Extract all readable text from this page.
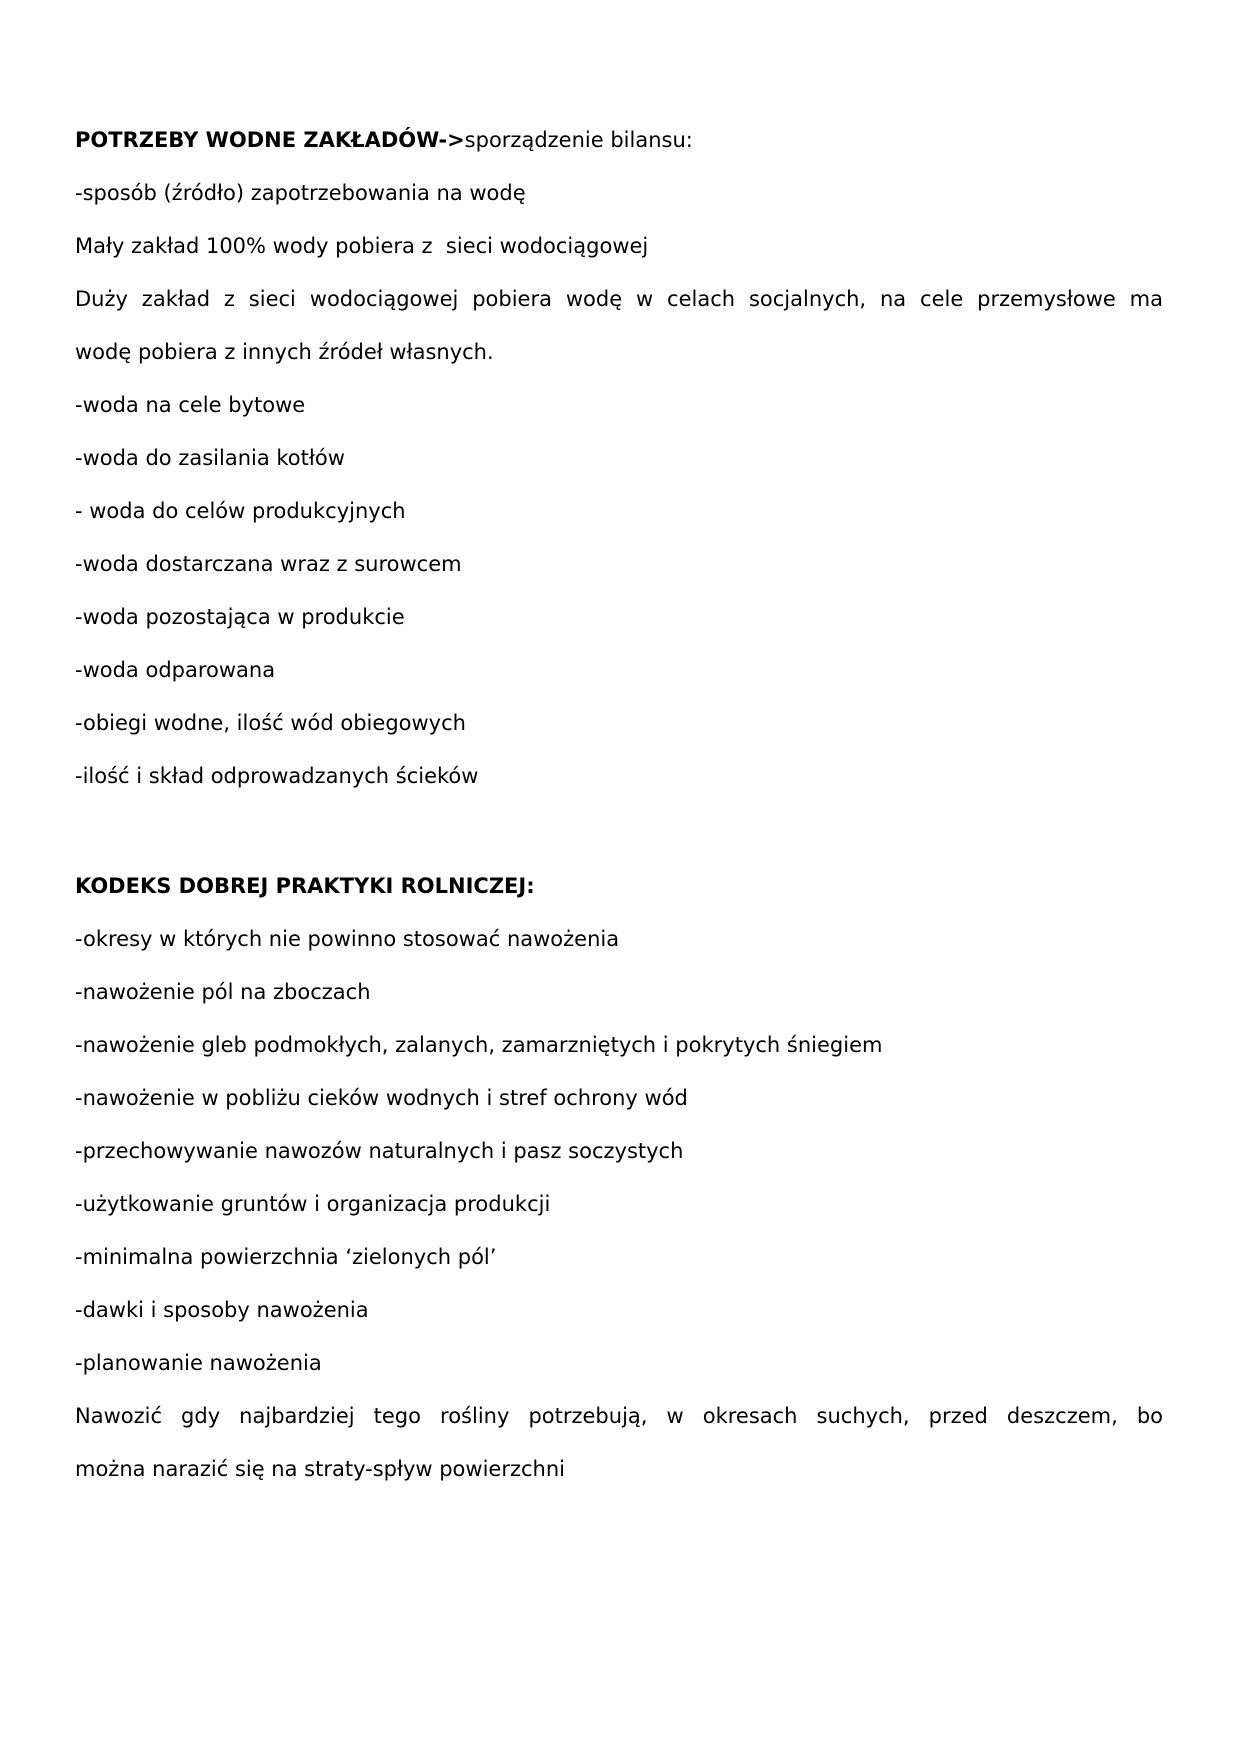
POTRZEBY WODNE ZAKŁADÓW->sporządzenie bilansu:
-sposób (źródło) zapotrzebowania na wodę
Mały zakład 100% wody pobiera z  sieci wodociągowej
Duży zakład z sieci wodociągowej pobiera wodę w celach socjalnych, na cele przemysłowe ma
wodę pobiera z innych źródeł własnych.
-woda na cele bytowe
-woda do zasilania kotłów
- woda do celów produkcyjnych
-woda dostarczana wraz z surowcem
-woda pozostająca w produkcie
-woda odparowana
-obiegi wodne, ilość wód obiegowych
-ilość i skład odprowadzanych ścieków
KODEKS DOBREJ PRAKTYKI ROLNICZEJ:
-okresy w których nie powinno stosować nawożenia
-nawożenie pól na zboczach
-nawożenie gleb podmokłych, zalanych, zamarzniętych i pokrytych śniegiem
-nawożenie w pobliżu cieków wodnych i stref ochrony wód
-przechowywanie nawozów naturalnych i pasz soczystych
-użytkowanie gruntów i organizacja produkcji
-minimalna powierzchnia ‘zielonych pól’
-dawki i sposoby nawożenia
-planowanie nawożenia
Nawozić gdy najbardziej tego rośliny potrzebują, w okresach suchych, przed deszczem, bo
można narazić się na straty-spływ powierzchni
